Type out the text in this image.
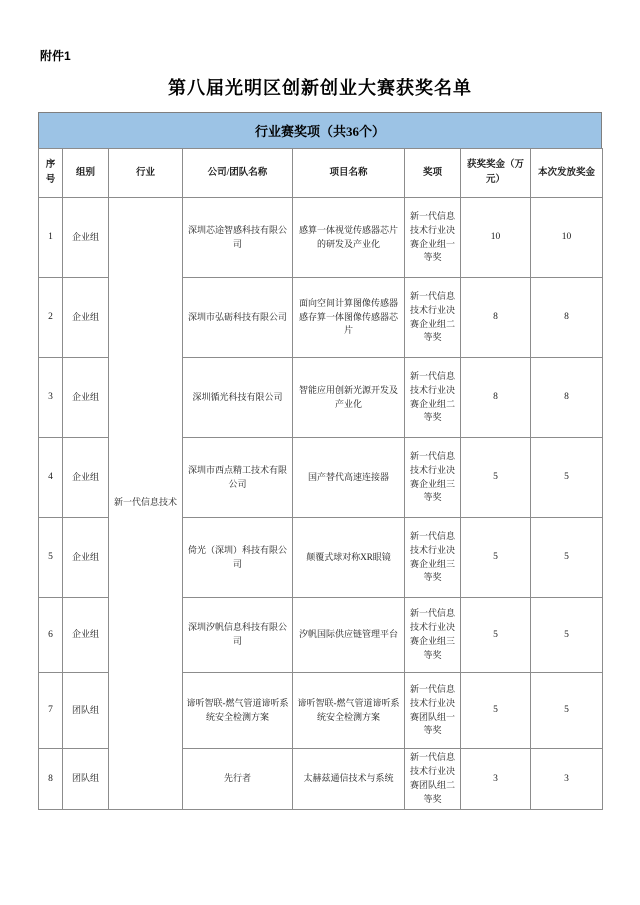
附件1
第八届光明区创新创业大赛获奖名单
行业赛奖项（共36个）
序号	组别	行业	公司/团队名称	项目名称	奖项	获奖奖金（万元）	本次发放奖金
1	企业组	新一代信息技术	深圳芯途智感科技有限公司	感算一体视觉传感器芯片的研发及产业化	新一代信息技术行业决赛企业组一等奖	10	10
2	企业组		深圳市弘砺科技有限公司	面向空间计算图像传感器 感存算一体图像传感器芯片	新一代信息技术行业决赛企业组二等奖	8	8
3	企业组		深圳循光科技有限公司	智能应用创新光源开发及产业化	新一代信息技术行业决赛企业组二等奖	8	8
4	企业组		深圳市西点精工技术有限公司	国产替代高速连接器	新一代信息技术行业决赛企业组三等奖	5	5
5	企业组		倚光（深圳）科技有限公司	颠覆式球对称XR眼镜	新一代信息技术行业决赛企业组三等奖	5	5
6	企业组		深圳汐帆信息科技有限公司	汐帆国际供应链管理平台	新一代信息技术行业决赛企业组三等奖	5	5
7	团队组		谛听智联-燃气管道谛听系统安全检测方案	谛听智联-燃气管道谛听系统安全检测方案	新一代信息技术行业决赛团队组一等奖	5	5
8	团队组		先行者	太赫兹通信技术与系统	新一代信息技术行业决赛团队组二等奖	3	3
